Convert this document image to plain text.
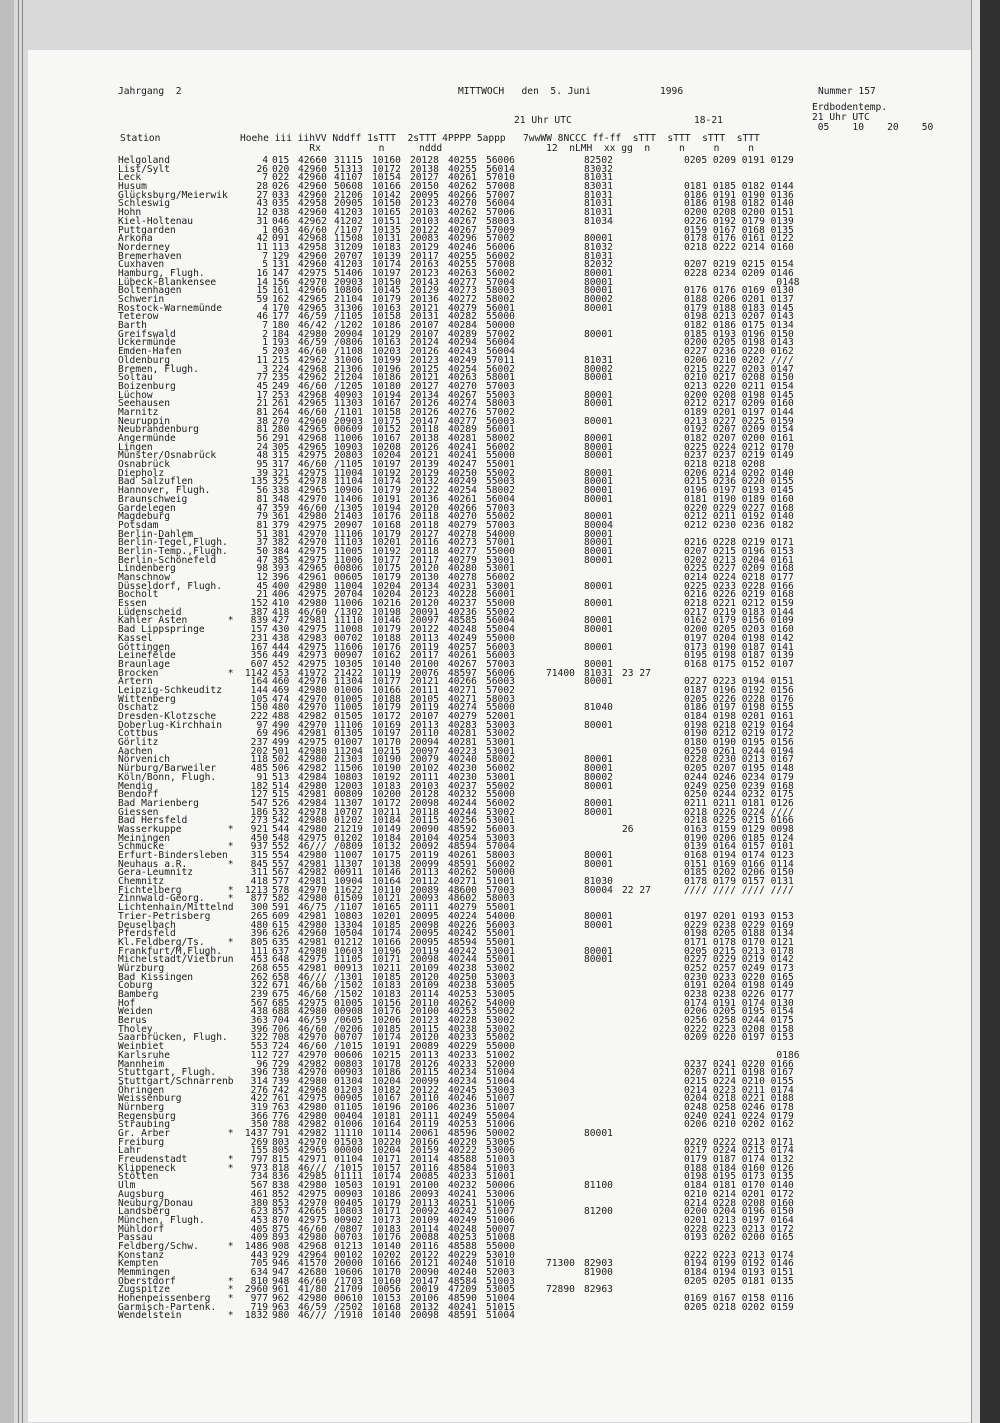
Jahrgang  2	MITTWOCH   den  5. Juni	1996	Nummer 157
Erdbodentemp.
21 Uhr UTC	18-21	21 Uhr UTC
05    10    20    50
Station	Hoehe iii iihVV Nddff 1sTTT  2sTTT 4PPPP 5appp   7wwWW 8NCCC ff-ff  sTTT  sTTT  sTTT  sTTT
Rx          n      nddd                  12  nLMH  xx gg  n     n     n     n
Helgoland	4 015 42660 31115 10160 20128 40255 56006	82502	0205 0209 0191 0129
List/Sylt	26 020 42960 51313 10172 20138 40255 56014	83032
Leck	7 022 42960 41107 10154 20127 40261 57010	81031
Husum	28 026 42960 50608 10166 20150 40262 57008	83031	0181 0185 0182 0144
Glücksburg/Meierwik	27 033 42960 21206 10142 20095 40266 57007	81031	0186 0191 0190 0136
Schleswig	43 035 42958 20905 10150 20123 40270 56004	81031	0186 0198 0182 0140
Hohn	12 038 42960 41203 10165 20103 40262 57006	81031	0200 0208 0200 0151
Kiel-Holtenau	31 046 42962 41202 10151 20103 40267 58003	81034	0226 0192 0179 0139
Puttgarden	1 063 46/60 /1107 10135 20122 40267 57009	0159 0167 0168 0135
Arkona	42 091 42968 11508 10131 20083 40296 57002	80001	0178 0176 0161 0122
Norderney	11 113 42958 31209 10183 20129 40246 56006	81032	0218 0222 0214 0160
Bremerhaven	7 129 42960 20707 10139 20117 40255 56002	81031
Cuxhaven	5 131 42960 41203 10174 20163 40255 57008	82032	0207 0219 0215 0154
Hamburg, Flugh.	16 147 42975 51406 10197 20123 40263 56002	80001	0228 0234 0209 0146
Lübeck-Blankensee	14 156 42970 20903 10150 20143 40277 57004	80001	0148
Boltenhagen	15 161 42966 10806 10145 20129 40273 58003	80001	0176 0176 0169 0130
Schwerin	59 162 42965 21104 10179 20136 40272 58002	80002	0188 0206 0201 0137
Rostock-Warnemünde	4 170 42965 31306 10163 20121 40279 56001	80001	0179 0188 0183 0145
Teterow	46 177 46/59 /1105 10158 20131 40282 55000	0198 0213 0207 0143
Barth	7 180 46/42 /1202 10186 20107 40284 50000	0182 0186 0175 0134
Greifswald	2 184 42980 20904 10129 20107 40289 57002	80001	0185 0193 0196 0150
Uckermünde	1 193 46/59 /0806 10163 20124 40294 56004	0200 0205 0198 0143
Emden-Hafen	5 203 46/60 /1108 10203 20126 40243 56004	0227 0236 0220 0162
Oldenburg	11 215 42962 31006 10199 20123 40249 57011	81031	0206 0210 0202 ////
Bremen, Flugh.	3 224 42968 21306 10196 20125 40254 56002	80002	0215 0227 0203 0147
Soltau	77 235 42962 21204 10186 20121 40263 58001	80001	0210 0217 0208 0150
Boizenburg	45 249 46/60 /1205 10180 20127 40270 57003	0213 0220 0211 0154
Lüchow	17 253 42968 40903 10194 20134 40267 55003	80001	0200 0208 0198 0145
Seehausen	21 261 42965 11303 10167 20126 40274 58003	80001	0212 0217 0209 0160
Marnitz	81 264 46/60 /1101 10158 20126 40276 57002	0189 0201 0197 0144
Neuruppin	38 270 42960 20903 10175 20147 40277 56003	80001	0213 0227 0225 0159
Neubrandenburg	81 280 42965 00609 10152 20118 40289 56001	0192 0207 0209 0154
Angermünde	56 291 42968 11006 10167 20138 40281 58002	80001	0182 0207 0200 0161
Lingen	24 305 42965 10903 10208 20126 40241 56002	80001	0225 0224 0212 0170
Münster/Osnabrück	48 315 42975 20803 10204 20121 40241 55000	80001	0237 0237 0219 0149
Osnabrück	95 317 46/60 /1105 10197 20139 40247 55001	0218 0218 0208
Diepholz	39 321 42975 11004 10192 20129 40250 55002	80001	0206 0214 0202 0140
Bad Salzuflen	135 325 42978 11104 10174 20132 40249 55003	80001	0215 0236 0220 0155
Hannover, Flugh.	56 338 42965 10906 10179 20122 40254 58002	80001	0196 0197 0193 0145
Braunschweig	81 348 42970 11406 10191 20136 40261 56004	80001	0181 0190 0189 0160
Gardelegen	47 359 46/60 /1305 10194 20120 40266 57003	0220 0229 0227 0168
Magdeburg	79 361 42980 21403 10176 20118 40270 55002	80001	0212 0211 0192 0140
Potsdam	81 379 42975 20907 10168 20118 40279 57003	80004	0212 0230 0236 0182
Berlin-Dahlem	51 381 42970 11106 10179 20127 40278 54000	80001
Berlin-Tegel,Flugh.	37 382 42970 11103 10201 20116 40273 57001	80001	0216 0228 0219 0171
Berlin-Temp.,Flugh.	50 384 42975 11005 10192 20118 40277 55000	80001	0207 0215 0196 0153
Berlin-Schönefeld	47 385 42975 11006 10177 20117 40279 53001	80001	0202 0213 0204 0161
Lindenberg	98 393 42965 00806 10175 20120 40280 53001	0225 0227 0209 0168
Manschnow	12 396 42961 00605 10179 20130 40278 56002	0214 0224 0218 0177
Düsseldorf, Flugh.	45 400 42980 11004 10204 20134 40231 53001	80001	0225 0233 0228 0166
Bocholt	21 406 42975 20704 10204 20123 40228 56001	0216 0226 0219 0168
Essen	152 410 42980 11006 10216 20120 40237 55000	80001	0218 0221 0212 0159
Lüdenscheid	387 418 46/60 /1302 10198 20091 40236 55002	0217 0219 0183 0144
Kahler Asten       *	839 427 42981 11110 10146 20097 48585 56004	80001	0162 0179 0156 0109
Bad Lippspringe	157 430 42975 11008 10179 20122 40248 55004	80001	0200 0205 0203 0160
Kassel	231 438 42983 00702 10188 20113 40249 55000	0197 0204 0198 0142
Göttingen	167 444 42975 11606 10176 20119 40257 56003	80001	0173 0190 0187 0141
Leinefelde	356 449 42973 00907 10162 20117 40261 56003	0195 0198 0187 0139
Braunlage	607 452 42975 10305 10140 20100 40267 57003	80001	0168 0175 0152 0107
Brocken            *	1142 453 41972 21422 10119 20076 48597 56006	71400 81031 23 27
Artern	164 460 42970 11304 10177 20121 40266 56003	80001	0227 0223 0194 0151
Leipzig-Schkeuditz	144 469 42980 01006 10166 20111 40271 57002	0187 0196 0192 0156
Wittenberg	105 474 42970 01005 10188 20105 40271 58003	0205 0226 0228 0176
Oschatz	150 480 42970 11005 10179 20119 40274 55000	81040	0186 0197 0198 0155
Dresden-Klotzsche	222 488 42982 01505 10172 20107 40279 52001	0184 0198 0201 0161
Doberlug-Kirchhain	97 490 42970 11106 10169 20113 40283 53003	80001	0198 0218 0219 0164
Cottbus	69 496 42981 01305 10197 20110 40281 53002	0190 0212 0219 0172
Görlitz	237 499 42975 01007 10170 20094 40281 53001	0180 0190 0195 0156
Aachen	202 501 42980 11204 10215 20097 40223 53001	0250 0261 0244 0194
Nörvenich	118 502 42980 21303 10190 20079 40240 58002	80001	0228 0230 0213 0167
Nürburg/Barweiler	485 506 42982 11506 10190 20102 40230 56002	80001	0205 0207 0195 0148
Köln/Bonn, Flugh.	91 513 42984 10803 10192 20111 40230 53001	80002	0244 0246 0234 0179
Mendig	182 514 42980 12003 10183 20103 40237 55002	80001	0249 0250 0239 0168
Bendorf	127 515 42981 00809 10200 20128 40232 55000	0250 0244 0232 0175
Bad Marienberg	547 526 42984 11307 10172 20098 40244 56002	80001	0211 0211 0181 0126
Giessen	186 532 42978 10707 10211 20118 40244 53002	80001	0218 0226 0224 ////
Bad Hersfeld	273 542 42980 01202 10184 20115 40256 53001	0218 0225 0215 0166
Wasserkuppe        *	921 544 42980 21219 10149 20090 48592 56003	26	0163 0159 0129 0098
Meiningen	450 548 42975 01202 10184 20104 40254 53003	0190 0206 0185 0124
Schmücke           *	937 552 46/// /0809 10132 20092 48594 57004	0139 0164 0157 0101
Erfurt-Bindersleben	315 554 42980 11007 10175 20119 40261 58003	80001	0168 0194 0174 0123
Neuhaus a.R.       *	845 557 42981 11307 10138 20099 48591 56002	80001	0151 0169 0166 0114
Gera-Leumnitz	311 567 42982 00911 10146 20113 40262 50000	0185 0202 0206 0150
Chemnitz	418 577 42981 10904 10164 20112 40271 51001	81030	0178 0179 0157 0131
Fichtelberg        *	1213 578 42970 11622 10110 20089 48600 57003	80004 22 27	//// //// //// ////
Zinnwald-Georg.    *	877 582 42980 01509 10121 20093 48602 58003
Lichtenhain/Mittelnd	300 591 46/75 /1107 10165 20111 40279 55001
Trier-Petrisberg	265 609 42981 10803 10201 20095 40224 54000	80001	0197 0201 0193 0153
Deuselbach	480 615 42980 13304 10185 20098 40226 56003	80001	0229 0238 0229 0169
Pferdsfeld	396 626 42960 10504 10174 20095 40242 55001	0198 0205 0188 0134
Kl.Feldberg/Ts.    *	805 635 42981 01212 10166 20095 48594 55001	0171 0178 0170 0121
Frankfurt/M,Flugh.	111 637 42980 10603 10196 20119 40242 53001	80001	0205 0215 0213 0178
Michelstadt/Vielbrun	453 648 42975 11105 10171 20098 40244 55001	80001	0227 0229 0219 0142
Würzburg	268 655 42981 00913 10211 20109 40238 53002	0252 0257 0249 0173
Bad Kissingen	262 658 46/// /1301 10185 20120 40250 53003	0230 0233 0220 0165
Coburg	322 671 46/60 /1502 10183 20109 40238 53005	0191 0204 0198 0149
Bamberg	239 675 46/60 /1502 10183 20114 40253 53005	0238 0238 0226 0177
Hof	567 685 42975 01005 10156 20110 40262 54000	0174 0191 0174 0130
Weiden	438 688 42980 00908 10176 20100 40253 55002	0206 0205 0195 0154
Berus	363 704 46/59 /0605 10206 20123 40228 53002	0256 0258 0244 0175
Tholey	396 706 46/60 /0206 10185 20115 40238 53002	0222 0223 0208 0158
Saarbrücken, Flugh.	322 708 42970 00707 10174 20120 40233 55002	0209 0220 0197 0153
Weinbiet	553 724 46/60 /1015 10191 20089 40229 55000
Karlsruhe	112 727 42970 00606 10215 20113 40233 51002	0186
Mannheim	96 729 42982 00803 10178 20126 40233 52000	0237 0241 0220 0166
Stuttgart, Flugh.	396 738 42970 00903 10186 20115 40234 51004	0207 0211 0198 0167
Stuttgart/Schnarrenb	314 739 42980 01304 10204 20099 40234 51004	0215 0224 0210 0155
Öhringen	276 742 42968 01203 10182 20122 40245 53003	0214 0223 0211 0174
Weissenburg	422 761 42975 00905 10167 20110 40246 51007	0204 0218 0221 0188
Nürnberg	319 763 42980 01105 10196 20106 40236 51007	0248 0258 0246 0178
Regensburg	366 776 42980 00404 10181 20111 40249 55004	0240 0241 0224 0179
Straubing	350 788 42982 01006 10164 20119 40253 51006	0206 0210 0202 0162
Gr. Arber          *	1437 791 42982 11110 10114 20061 48596 50002	80001
Freiburg	269 803 42970 01503 10220 20166 40220 53005	0220 0222 0213 0171
Lahr	155 805 42965 00000 10204 20159 40222 53006	0217 0224 0215 0174
Freudenstadt       *	797 815 42971 01104 10171 20114 48588 51003	0179 0187 0174 0132
Klippeneck         *	973 818 46/// /1015 10157 20116 48584 51003	0188 0184 0160 0126
Stötten	734 836 42985 01111 10174 20085 40233 51001	0198 0195 0173 0135
Ulm	567 838 42980 10503 10191 20100 40232 50006	81100	0184 0181 0170 0140
Augsburg	461 852 42975 00903 10186 20093 40241 53006	0210 0214 0201 0172
Neuburg/Donau	380 853 42970 00405 10179 20113 40251 51006	0214 0228 0208 0160
Landsberg	623 857 42665 10803 10171 20092 40242 51007	81200	0200 0204 0196 0150
München, Flugh.	453 870 42975 00902 10173 20109 40249 51006	0201 0213 0197 0164
Mühldorf	405 875 46/60 /0807 10183 20114 40248 50007	0228 0223 0213 0172
Passau	409 893 42980 00703 10176 20088 40253 51008	0193 0202 0200 0165
Feldberg/Schw.     *	1486 908 42968 01213 10140 20116 48588 55000
Konstanz	443 929 42964 00102 10202 20122 40229 53010	0222 0223 0213 0174
Kempten	705 946 41570 20000 10166 20121 40240 51010	71300 82903	0194 0199 0192 0146
Memmingen	634 947 42680 10606 10170 20090 40240 52003	81900	0184 0194 0193 0151
Oberstdorf         *	810 948 46/60 /1703 10160 20147 48584 51003	0205 0205 0181 0135
Zugspitze          *	2960 961 41/80 21709 10056 20019 47209 53005	72890 82963
Hohenpeissenberg   *	977 962 42980 00610 10153 20106 48590 51004	0169 0167 0158 0116
Garmisch-Partenk.	719 963 46/59 /2502 10168 20132 40241 51015	0205 0218 0202 0159
Wendelstein        *	1832 980 46/// /1910 10140 20098 48591 51004
1
2
5
